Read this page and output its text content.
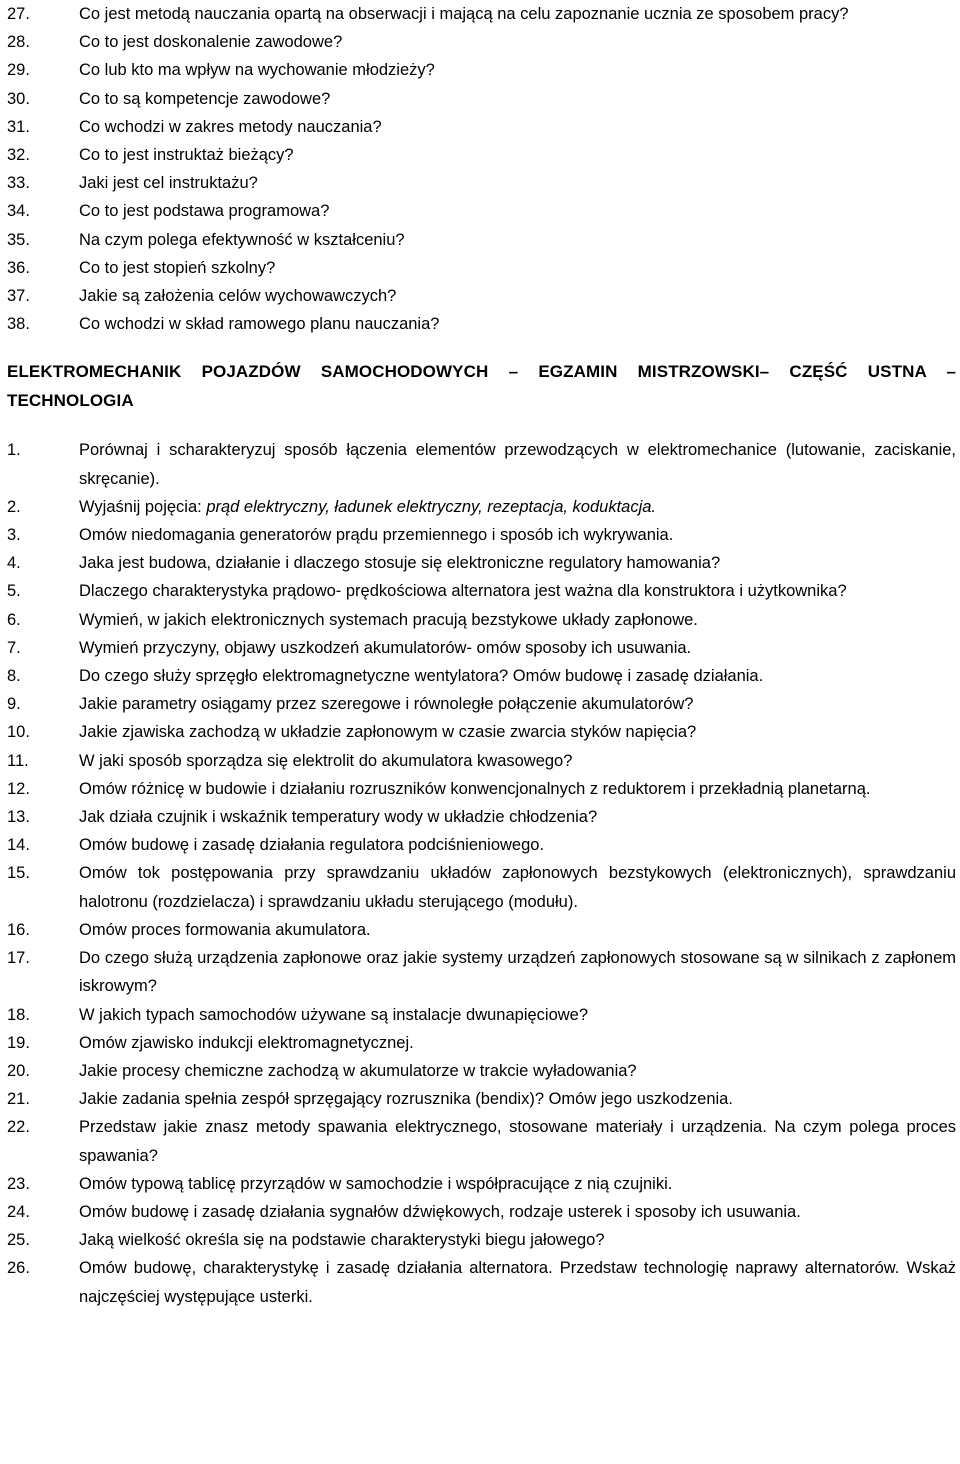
27.	Co jest metodą nauczania opartą na obserwacji i mającą na celu zapoznanie ucznia ze sposobem pracy?
28.	Co to jest doskonalenie zawodowe?
29.	Co lub kto ma wpływ na wychowanie młodzieży?
30.	Co to są kompetencje zawodowe?
31.	Co wchodzi w zakres metody nauczania?
32.	Co to jest instruktaż bieżący?
33.	Jaki jest cel instruktażu?
34.	Co to jest podstawa programowa?
35.	Na czym polega efektywność w kształceniu?
36.	Co to jest stopień szkolny?
37.	Jakie są założenia celów wychowawczych?
38.	Co wchodzi w skład ramowego planu nauczania?
ELEKTROMECHANIK POJAZDÓW SAMOCHODOWYCH – EGZAMIN MISTRZOWSKI– CZĘŚĆ USTNA – TECHNOLOGIA
1.	Porównaj i scharakteryzuj sposób łączenia elementów przewodzących w elektromechanice (lutowanie, zaciskanie, skręcanie).
2.	Wyjaśnij pojęcia: prąd elektryczny, ładunek elektryczny, rezeptacja, koduktacja.
3.	Omów niedomagania generatorów prądu przemiennego i sposób ich wykrywania.
4.	Jaka jest budowa, działanie i dlaczego stosuje się elektroniczne regulatory hamowania?
5.	Dlaczego charakterystyka prądowo- prędkościowa alternatora jest ważna dla konstruktora i użytkownika?
6.	Wymień, w jakich elektronicznych systemach pracują bezstykowe układy zapłonowe.
7.	Wymień przyczyny, objawy uszkodzeń akumulatorów- omów sposoby ich usuwania.
8.	Do czego służy sprzęgło elektromagnetyczne wentylatora? Omów budowę i zasadę działania.
9.	Jakie parametry osiągamy przez szeregowe i równoległe połączenie akumulatorów?
10.	Jakie zjawiska zachodzą w układzie zapłonowym w czasie zwarcia styków napięcia?
11.	W jaki sposób sporządza się elektrolit do akumulatora kwasowego?
12.	Omów różnicę w budowie i działaniu rozruszników konwencjonalnych z reduktorem i przekładnią planetarną.
13.	Jak działa czujnik i wskaźnik temperatury wody w układzie chłodzenia?
14.	Omów budowę i zasadę działania regulatora podciśnieniowego.
15.	Omów tok postępowania przy sprawdzaniu układów zapłonowych bezstykowych (elektronicznych), sprawdzaniu halotronu (rozdzielacza) i sprawdzaniu układu sterującego (modułu).
16.	Omów proces formowania akumulatora.
17.	Do czego służą urządzenia zapłonowe oraz jakie systemy urządzeń zapłonowych stosowane są w silnikach z zapłonem iskrowym?
18.	W jakich typach samochodów używane są instalacje dwunapięciowe?
19.	Omów zjawisko indukcji elektromagnetycznej.
20.	Jakie procesy chemiczne zachodzą w akumulatorze w trakcie wyładowania?
21.	Jakie zadania spełnia zespół sprzęgający rozrusznika (bendix)? Omów jego uszkodzenia.
22.	Przedstaw jakie znasz metody spawania elektrycznego, stosowane materiały i urządzenia. Na czym polega proces spawania?
23.	Omów typową tablicę przyrządów w samochodzie i współpracujące z nią czujniki.
24.	Omów budowę i zasadę działania sygnałów dźwiękowych, rodzaje usterek i sposoby ich usuwania.
25.	Jaką wielkość określa się na podstawie charakterystyki biegu jałowego?
26.	Omów budowę, charakterystykę i zasadę działania alternatora. Przedstaw technologię naprawy alternatorów. Wskaż najczęściej występujące usterki.
